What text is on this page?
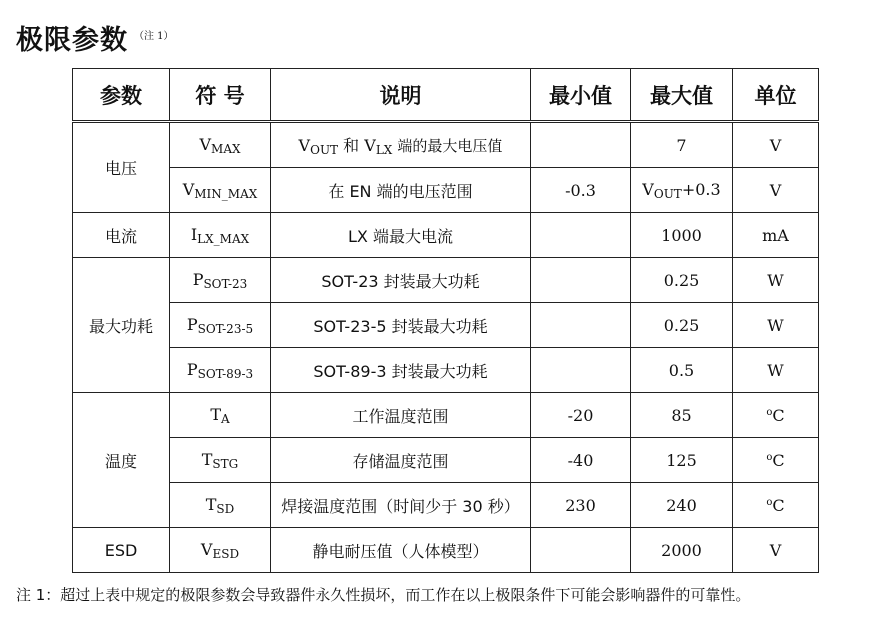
极限参数 $^{(注 1)}$
参数	符 号	说明	最小值	最大值	单位
电压	$V_{MAX}$	$V_{OUT}$ 和 $V_{LX}$ 端的最大电压值		7	V
	$V_{MIN\_MAX}$	在 EN 端的电压范围	-0.3	$V_{OUT}+0.3$	V
电流	$I_{LX\_MAX}$	LX 端最大电流		1000	mA
最大功耗	$P_{SOT-23}$	SOT-23 封装最大功耗		0.25	W
	$P_{SOT-23-5}$	SOT-23-5 封装最大功耗		0.25	W
	$P_{SOT-89-3}$	SOT-89-3 封装最大功耗		0.5	W
温度	$T_A$	工作温度范围	-20	85	$^o$C
	$T_{STG}$	存储温度范围	-40	125	$^o$C
	$T_{SD}$	焊接温度范围（时间少于 30 秒）	230	240	$^o$C
ESD	$V_{ESD}$	静电耐压值（人体模型）		2000	V
注 1：超过上表中规定的极限参数会导致器件永久性损坏，而工作在以上极限条件下可能会影响器件的可靠性。
